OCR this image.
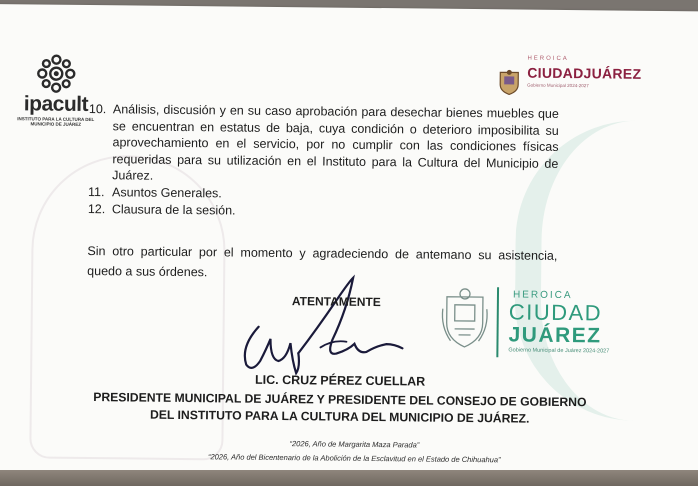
ipacult
INSTITUTO PARA LA CULTURA DEL MUNICIPIO DE JUÁREZ
HEROICA
CIUDADJUÁREZ
Gobierno Municipal 2024-2027
10. Análisis, discusión y en su caso aprobación para desechar bienes muebles que se encuentran en estatus de baja, cuya condición o deterioro imposibilita su aprovechamiento en el servicio, por no cumplir con las condiciones físicas requeridas para su utilización en el Instituto para la Cultura del Municipio de Juárez.
11. Asuntos Generales.
12. Clausura de la sesión.
Sin otro particular por el momento y agradeciendo de antemano su asistencia, quedo a sus órdenes.
ATENTAMENTE	HEROICA
CIUDAD
JUÁREZ
Gobierno Municipal de Juárez 2024-2027
LIC. CRUZ PÉREZ CUELLAR
PRESIDENTE MUNICIPAL DE JUÁREZ Y PRESIDENTE DEL CONSEJO DE GOBIERNO DEL INSTITUTO PARA LA CULTURA DEL MUNICIPIO DE JUÁREZ.
“2026, Año de Margarita Maza Parada”
“2026, Año del Bicentenario de la Abolición de la Esclavitud en el Estado de Chihuahua”
